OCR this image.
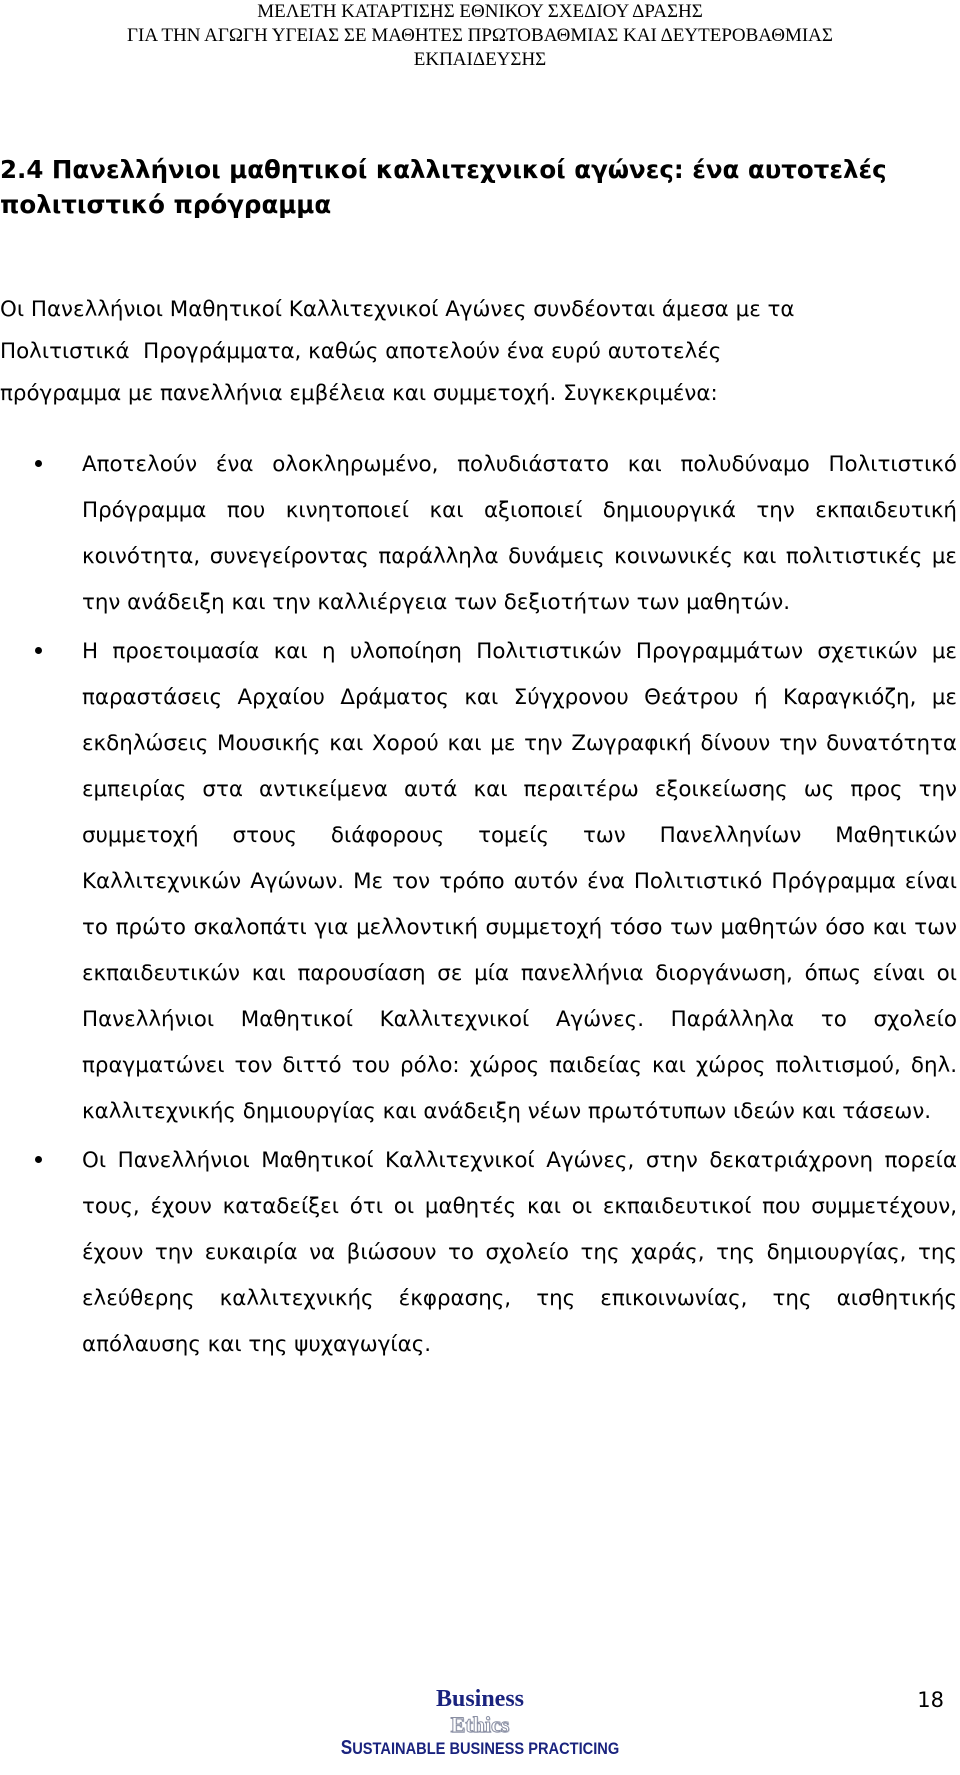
ΜΕΛΕΤΗ ΚΑΤΑΡΤΙΣΗΣ ΕΘΝΙΚΟΥ ΣΧΕΔΙΟΥ ΔΡΑΣΗΣ
ΓΙΑ ΤΗΝ ΑΓΩΓΗ ΥΓΕΙΑΣ ΣΕ ΜΑΘΗΤΕΣ ΠΡΩΤΟΒΑΘΜΙΑΣ ΚΑΙ ΔΕΥΤΕΡΟΒΑΘΜΙΑΣ
ΕΚΠΑΙΔΕΥΣΗΣ
2.4 Πανελλήνιοι μαθητικοί καλλιτεχνικοί αγώνες: ένα αυτοτελές
πολιτιστικό πρόγραμμα
Οι Πανελλήνιοι Μαθητικοί Καλλιτεχνικοί Αγώνες συνδέονται άμεσα με τα
Πολιτιστικά  Προγράμματα, καθώς αποτελούν ένα ευρύ αυτοτελές
πρόγραμμα με πανελλήνια εμβέλεια και συμμετοχή. Συγκεκριμένα:
Αποτελούν ένα ολοκληρωμένο, πολυδιάστατο και πολυδύναμο Πολιτιστικό Πρόγραμμα που κινητοποιεί και αξιοποιεί δημιουργικά την εκπαιδευτική κοινότητα, συνεγείροντας παράλληλα δυνάμεις κοινωνικές και πολιτιστικές με την ανάδειξη και την καλλιέργεια των δεξιοτήτων των μαθητών.
Η προετοιμασία και η υλοποίηση Πολιτιστικών Προγραμμάτων σχετικών με παραστάσεις Αρχαίου Δράματος και Σύγχρονου Θεάτρου ή Καραγκιόζη, με εκδηλώσεις Μουσικής και Χορού και με την Ζωγραφική δίνουν την δυνατότητα εμπειρίας στα αντικείμενα αυτά και περαιτέρω εξοικείωσης ως προς την συμμετοχή στους διάφορους τομείς των Πανελληνίων Μαθητικών Καλλιτεχνικών Αγώνων. Με τον τρόπο αυτόν ένα Πολιτιστικό Πρόγραμμα είναι το πρώτο σκαλοπάτι για μελλοντική συμμετοχή τόσο των μαθητών όσο και των εκπαιδευτικών και παρουσίαση σε μία πανελλήνια διοργάνωση, όπως είναι οι Πανελλήνιοι Μαθητικοί Καλλιτεχνικοί Αγώνες. Παράλληλα το σχολείο πραγματώνει τον διττό του ρόλο: χώρος παιδείας και χώρος πολιτισμού, δηλ. καλλιτεχνικής δημιουργίας και ανάδειξη νέων πρωτότυπων ιδεών και τάσεων.
Οι Πανελλήνιοι Μαθητικοί Καλλιτεχνικοί Αγώνες, στην δεκατριάχρονη πορεία τους, έχουν καταδείξει ότι οι μαθητές και οι εκπαιδευτικοί που συμμετέχουν, έχουν την ευκαιρία να βιώσουν το σχολείο της χαράς, της δημιουργίας, της ελεύθερης καλλιτεχνικής έκφρασης, της επικοινωνίας, της αισθητικής απόλαυσης και της ψυχαγωγίας.
Business
Ethics
SUSTAINABLE BUSINESS PRACTICING
18
